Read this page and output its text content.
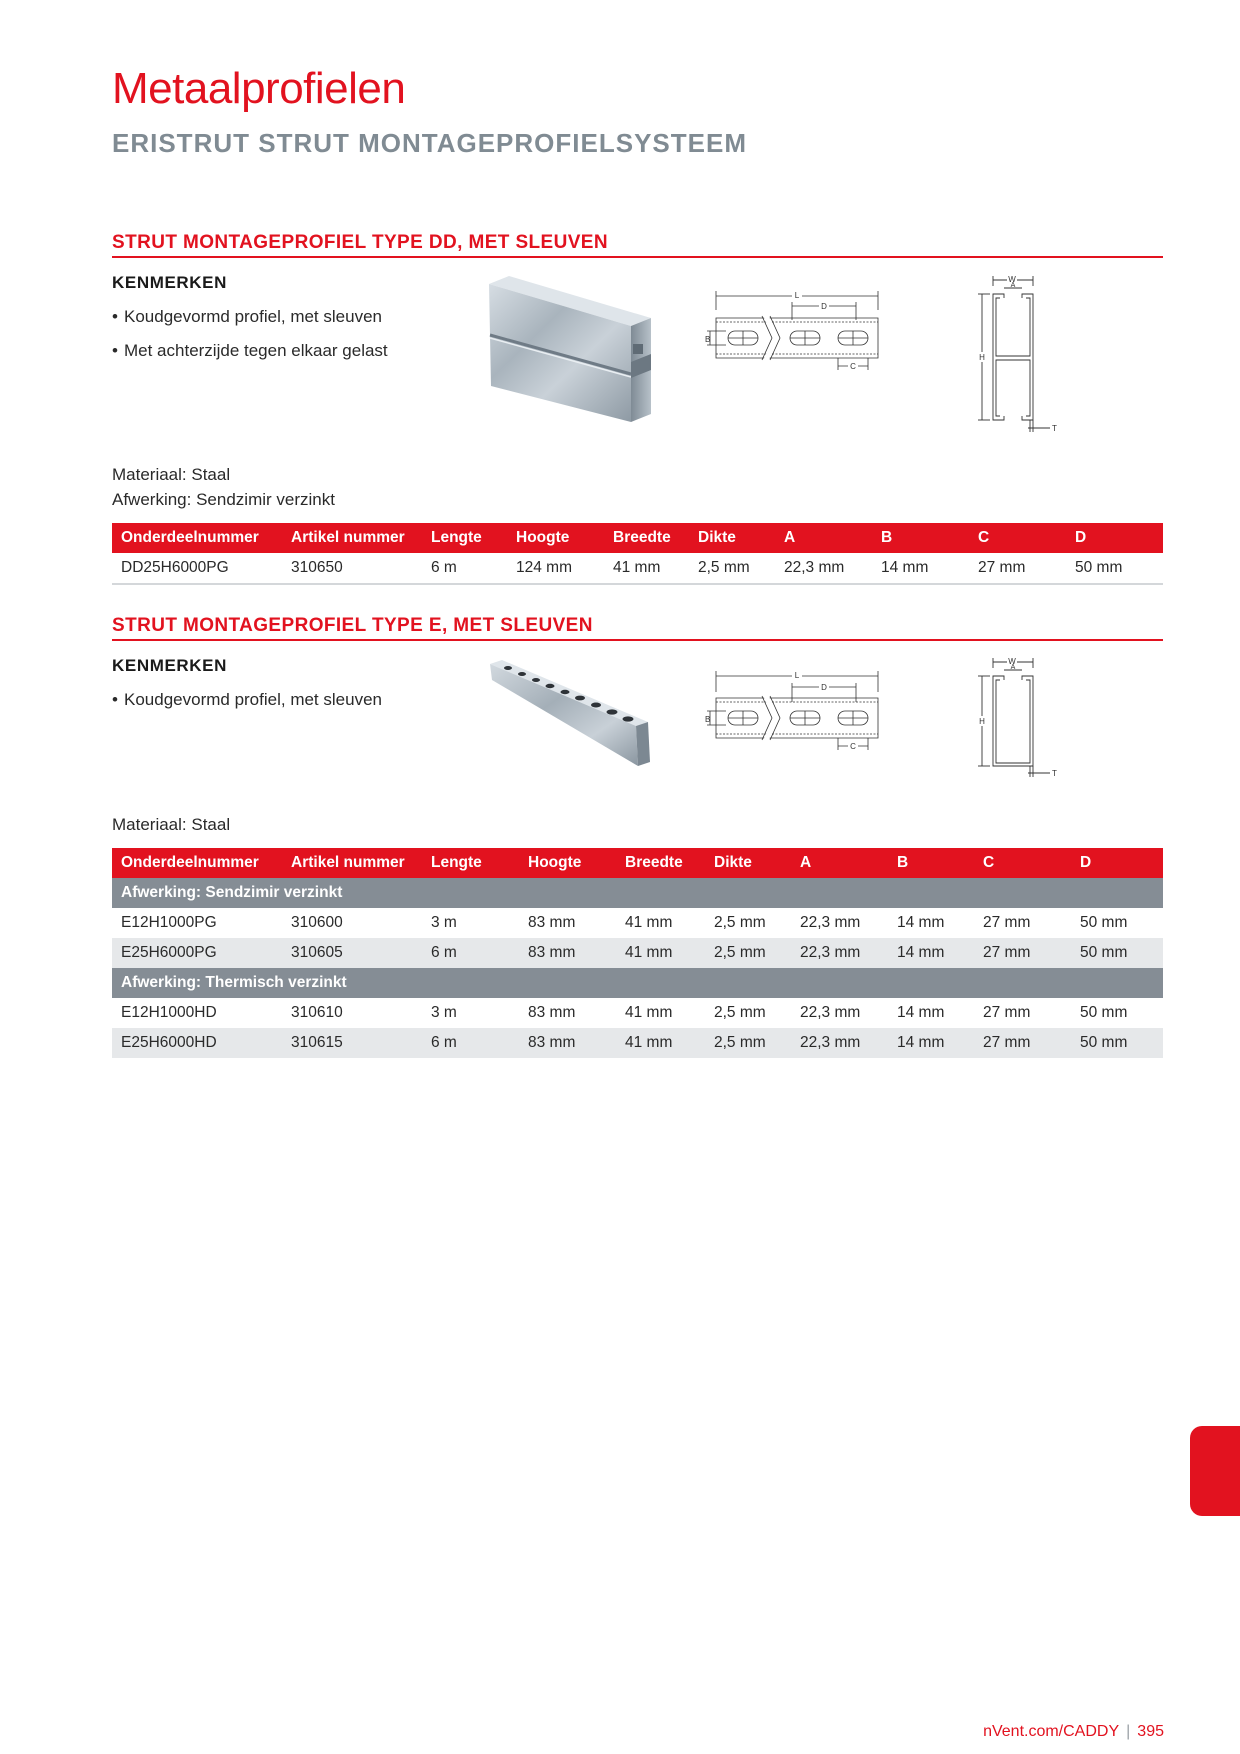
Metaalprofielen
ERISTRUT STRUT MONTAGEPROFIELSYSTEEM
STRUT MONTAGEPROFIEL TYPE DD, MET SLEUVEN
KENMERKEN
• Koudgevormd profiel, met sleuven
• Met achterzijde tegen elkaar gelast
L
D
B
C
W
A
H
T
Materiaal: Staal
Afwerking: Sendzimir verzinkt
Onderdeelnummer	Artikel nummer	Lengte	Hoogte	Breedte	Dikte	A	B	C	D
DD25H6000PG	310650	6 m	124 mm	41 mm	2,5 mm	22,3 mm	14 mm	27 mm	50 mm
STRUT MONTAGEPROFIEL TYPE E, MET SLEUVEN
KENMERKEN
• Koudgevormd profiel, met sleuven
L
D
B
C
W
A
H
T
Materiaal: Staal
Onderdeelnummer	Artikel nummer	Lengte	Hoogte	Breedte	Dikte	A	B	C	D
Afwerking: Sendzimir verzinkt									
E12H1000PG	310600	3 m	83 mm	41 mm	2,5 mm	22,3 mm	14 mm	27 mm	50 mm
E25H6000PG	310605	6 m	83 mm	41 mm	2,5 mm	22,3 mm	14 mm	27 mm	50 mm
Afwerking: Thermisch verzinkt									
E12H1000HD	310610	3 m	83 mm	41 mm	2,5 mm	22,3 mm	14 mm	27 mm	50 mm
E25H6000HD	310615	6 m	83 mm	41 mm	2,5 mm	22,3 mm	14 mm	27 mm	50 mm
nVent.com/CADDY | 395
